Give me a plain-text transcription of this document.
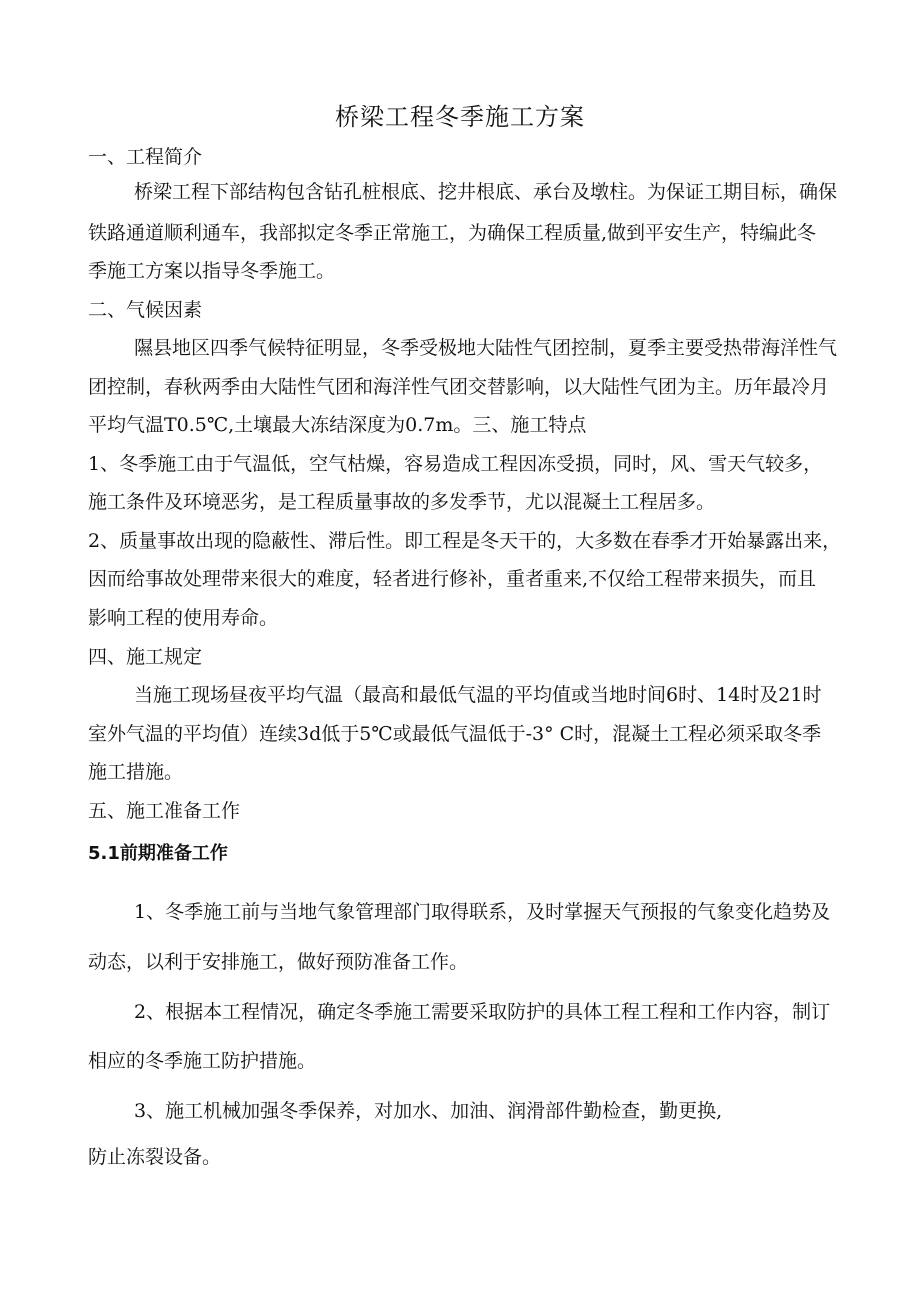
桥梁工程冬季施工方案
一、工程简介
桥梁工程下部结构包含钻孔桩根底、挖井根底、承台及墩柱。为保证工期目标，确保
铁路通道顺利通车，我部拟定冬季正常施工，为确保工程质量,做到平安生产，特编此冬
季施工方案以指导冬季施工。
二、气候因素
隰县地区四季气候特征明显，冬季受极地大陆性气团控制，夏季主要受热带海洋性气
团控制，春秋两季由大陆性气团和海洋性气团交替影响，以大陆性气团为主。历年最冷月
平均气温T0.5℃,土壤最大冻结深度为0.7m。三、施工特点
1、冬季施工由于气温低，空气枯燥，容易造成工程因冻受损，同时，风、雪天气较多，
施工条件及环境恶劣，是工程质量事故的多发季节，尤以混凝土工程居多。
2、质量事故出现的隐蔽性、滞后性。即工程是冬天干的，大多数在春季才开始暴露出来，
因而给事故处理带来很大的难度，轻者进行修补，重者重来,不仅给工程带来损失，而且
影响工程的使用寿命。
四、施工规定
当施工现场昼夜平均气温（最高和最低气温的平均值或当地时间6时、14时及21时
室外气温的平均值）连续3d低于5℃或最低气温低于-3° C时，混凝土工程必须采取冬季
施工措施。
五、施工准备工作
5.1前期准备工作
1、冬季施工前与当地气象管理部门取得联系，及时掌握天气预报的气象变化趋势及
动态，以利于安排施工，做好预防准备工作。
2、根据本工程情况，确定冬季施工需要采取防护的具体工程工程和工作内容，制订
相应的冬季施工防护措施。
3、施工机械加强冬季保养，对加水、加油、润滑部件勤检查，勤更换,
防止冻裂设备。
